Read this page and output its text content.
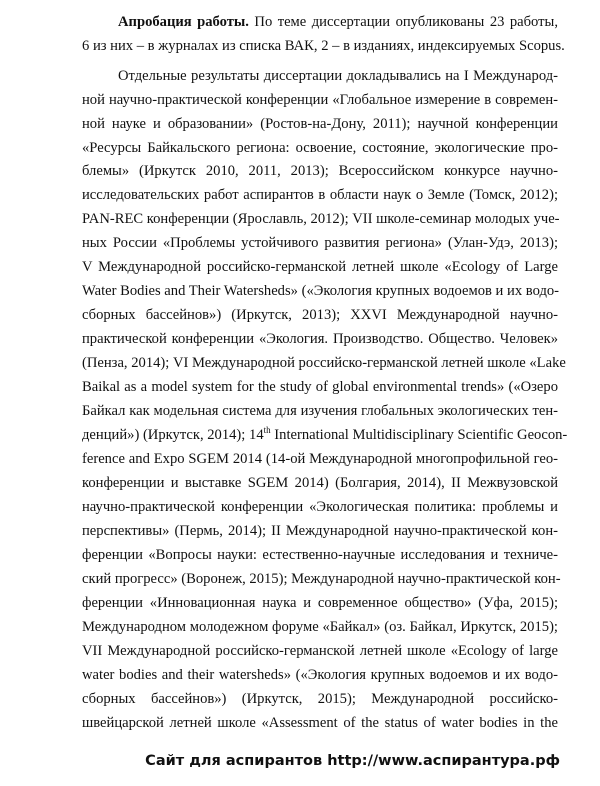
Апробация работы. По теме диссертации опубликованы 23 работы,
6 из них – в журналах из списка ВАК, 2 – в изданиях, индексируемых Scopus.
Отдельные результаты диссертации докладывались на I Международ-
ной научно-практической конференции «Глобальное измерение в современ-
ной науке и образовании» (Ростов-на-Дону, 2011); научной конференции
«Ресурсы Байкальского региона: освоение, состояние, экологические про-
блемы» (Иркутск 2010, 2011, 2013); Всероссийском конкурсе научно-
исследовательских работ аспирантов в области наук о Земле (Томск, 2012);
PAN-REC конференции (Ярославль, 2012); VII школе-семинар молодых уче-
ных России «Проблемы устойчивого развития региона» (Улан-Удэ, 2013);
V Международной российско-германской летней школе «Ecology of Large
Water Bodies and Their Watersheds» («Экология крупных водоемов и их водо-
сборных бассейнов») (Иркутск, 2013); XXVI Международной научно-
практической конференции «Экология. Производство. Общество. Человек»
(Пенза, 2014); VI Международной российско-германской летней школе «Lake
Baikal as a model system for the study of global environmental trends» («Озеро
Байкал как модельная система для изучения глобальных экологических тен-
денций») (Иркутск, 2014); 14th International Multidisciplinary Scientific Geocon-
ference and Expo SGEM 2014 (14-ой Международной многопрофильной гео-
конференции и выставке SGEM 2014) (Болгария, 2014), II Межвузовской
научно-практической конференции «Экологическая политика: проблемы и
перспективы» (Пермь, 2014); II Международной научно-практической кон-
ференции «Вопросы науки: естественно-научные исследования и техниче-
ский прогресс» (Воронеж, 2015); Международной научно-практической кон-
ференции «Инновационная наука и современное общество» (Уфа, 2015);
Международном молодежном форуме «Байкал» (оз. Байкал, Иркутск, 2015);
VII Международной российско-германской летней школе «Ecology of large
water bodies and their watersheds» («Экология крупных водоемов и их водо-
сборных бассейнов») (Иркутск, 2015); Международной российско-
швейцарской летней школе «Assessment of the status of water bodies in the
Сайт для аспирантов http://www.аспирантура.рф
